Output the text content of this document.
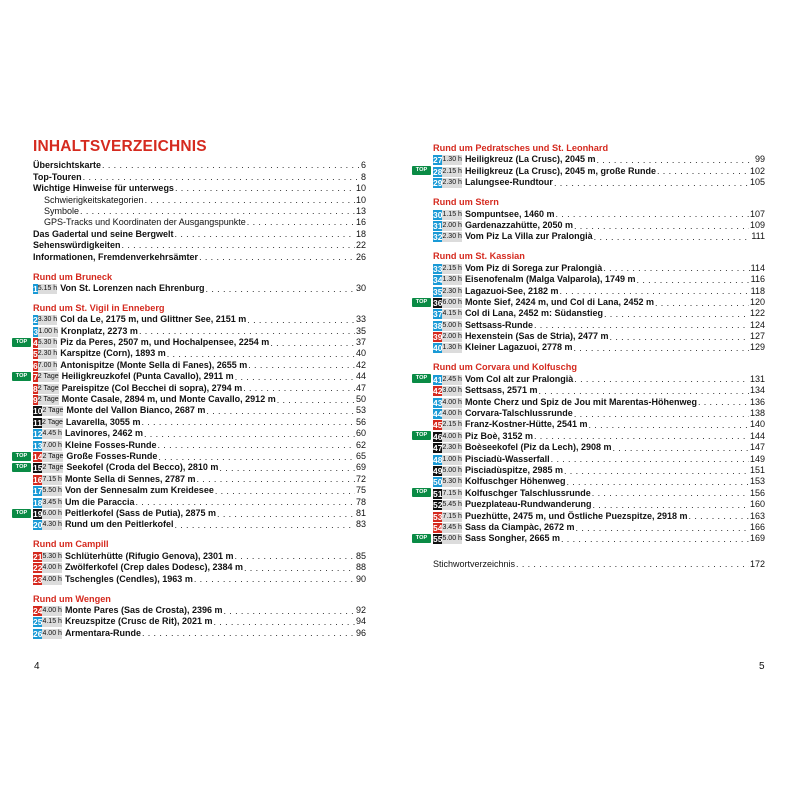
INHALTSVERZEICHNIS
Übersichtskarte . . .	6
Top-Touren . . .	8
Wichtige Hinweise für unterwegs . . .	10
Schwierigkeitskategorien . . .	10
Symbole . . .	13
GPS-Tracks und Koordinaten der Ausgangspunkte . . .	16
Das Gadertal und seine Bergwelt . . .	18
Sehenswürdigkeiten . . .	22
Informationen, Fremdenverkehrsämter . . .	26
Rund um Bruneck
1 5.15 h Von St. Lorenzen nach Ehrenburg . . .	30
Rund um St. Vigil in Enneberg
2 3.30 h Col da Le, 2175 m, und Glittner See, 2151 m . . .	33
3 1.00 h Kronplatz, 2273 m . . .	35
TOP 4 5.30 h Piz da Peres, 2507 m, und Hochalpensee, 2254 m . . .	37
5 2.30 h Karspitze (Corn), 1893 m . . .	40
6 7.00 h Antonispitze (Monte Sella di Fanes), 2655 m . . .	42
TOP 7 2 Tage Heiligkreuzkofel (Punta Cavallo), 2911 m . . .	44
8 2 Tage Pareispitze (Col Becchei di sopra), 2794 m . . .	47
9 2 Tage Monte Casale, 2894 m, und Monte Cavallo, 2912 m . . .	50
10 2 Tage Monte del Vallon Bianco, 2687 m . . .	53
11 2 Tage Lavarella, 3055 m . . .	56
12 4.45 h Lavinores, 2462 m . . .	60
13 7.00 h Kleine Fosses-Runde . . .	62
TOP 14 2 Tage Große Fosses-Runde . . .	65
TOP 15 2 Tage Seekofel (Croda del Becco), 2810 m . . .	69
16 7.15 h Monte Sella di Sennes, 2787 m . . .	72
17 5.50 h Von der Sennesalm zum Kreidesee . . .	75
18 3.45 h Um die Paraccia . . .	78
TOP 19 6.00 h Peitlerkofel (Sass de Putia), 2875 m . . .	81
20 4.30 h Rund um den Peitlerkofel . . .	83
Rund um Campill
21 5.30 h Schlüterhütte (Rifugio Genova), 2301 m . . .	85
22 4.00 h Zwölferkofel (Crep dales Dodesc), 2384 m . . .	88
23 4.00 h Tschengles (Cendles), 1963 m . . .	90
Rund um Wengen
24 4.00 h Monte Pares (Sas de Crosta), 2396 m . . .	92
25 4.15 h Kreuzspitze (Crusc de Rit), 2021 m . . .	94
26 4.00 h Armentara-Runde . . .	96
Rund um Pedratsches und St. Leonhard
27 1.30 h Heiligkreuz (La Crusc), 2045 m . . .	99
TOP 28 2.15 h Heiligkreuz (La Crusc), 2045 m, große Runde . . .	102
29 2.30 h Lalungsee-Rundtour . . .	105
Rund um Stern
30 1.15 h Sompuntsee, 1460 m . . .	107
31 2.00 h Gardenazzahütte, 2050 m . . .	109
32 2.30 h Vom Piz La Villa zur Pralongià . . .	111
Rund um St. Kassian
33 2.15 h Vom Piz di Sorega zur Pralongià . . .	114
34 1.30 h Eisenofenalm (Malga Valparola), 1749 m . . .	116
35 2.30 h Lagazuoi-See, 2182 m . . .	118
TOP 36 6.00 h Monte Sief, 2424 m, und Col di Lana, 2452 m . . .	120
37 4.15 h Col di Lana, 2452 m: Südanstieg . . .	122
38 5.00 h Settsass-Runde . . .	124
39 2.00 h Hexenstein (Sas de Stria), 2477 m . . .	127
40 1.30 h Kleiner Lagazuoi, 2778 m . . .	129
Rund um Corvara und Kolfuschg
TOP 41 2.45 h Vom Col alt zur Pralongià . . .	131
42 3.00 h Settsass, 2571 m . . .	134
43 4.00 h Monte Cherz und Spiz de Jou mit Marentas-Höhenweg . . .	136
44 4.00 h Corvara-Talschlussrunde . . .	138
45 2.15 h Franz-Kostner-Hütte, 2541 m . . .	140
TOP 46 4.00 h Piz Boè, 3152 m . . .	144
47 2.30 h Boèseekofel (Piz da Lech), 2908 m . . .	147
48 1.00 h Pisciadù-Wasserfall . . .	149
49 5.00 h Pisciadùspitze, 2985 m . . .	151
50 5.30 h Kolfuschger Höhenweg . . .	153
TOP 51 7.15 h Kolfuschger Talschlussrunde . . .	156
52 5.45 h Puezplateau-Rundwanderung . . .	160
53 7.15 h Puezhütte, 2475 m, und Östliche Puezspitze, 2918 m . . .	163
54 3.45 h Sass da Ciampàc, 2672 m . . .	166
TOP 55 5.00 h Sass Songher, 2665 m . . .	169
Stichwortverzeichnis . . .	172
4	5
